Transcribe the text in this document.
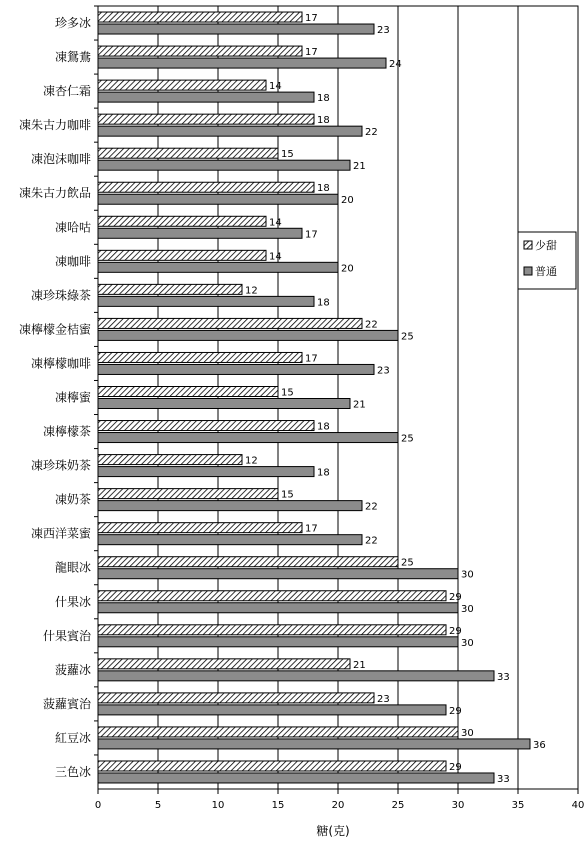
17
23
17
24
14
18
18
22
15
21
18
20
14
17
14
20
12
18
22
25
17
23
15
21
18
25
12
18
15
22
17
22
25
30
29
30
29
30
21
33
23
29
30
36
29
33
0	5	10	15	20	25	30	35	40
珍多冰
凍鴛鴦
凍杏仁霜
凍朱古力咖啡
凍泡沫咖啡
凍朱古力飲品
凍哈咕
凍咖啡
凍珍珠綠茶
凍檸檬金桔蜜
凍檸檬咖啡
凍檸蜜
凍檸檬茶
凍珍珠奶茶
凍奶茶
凍西洋菜蜜
龍眼冰
什果冰
什果賓治
菠蘿冰
菠蘿賓治
紅豆冰
三色冰
糖(克)
少甜
普通
